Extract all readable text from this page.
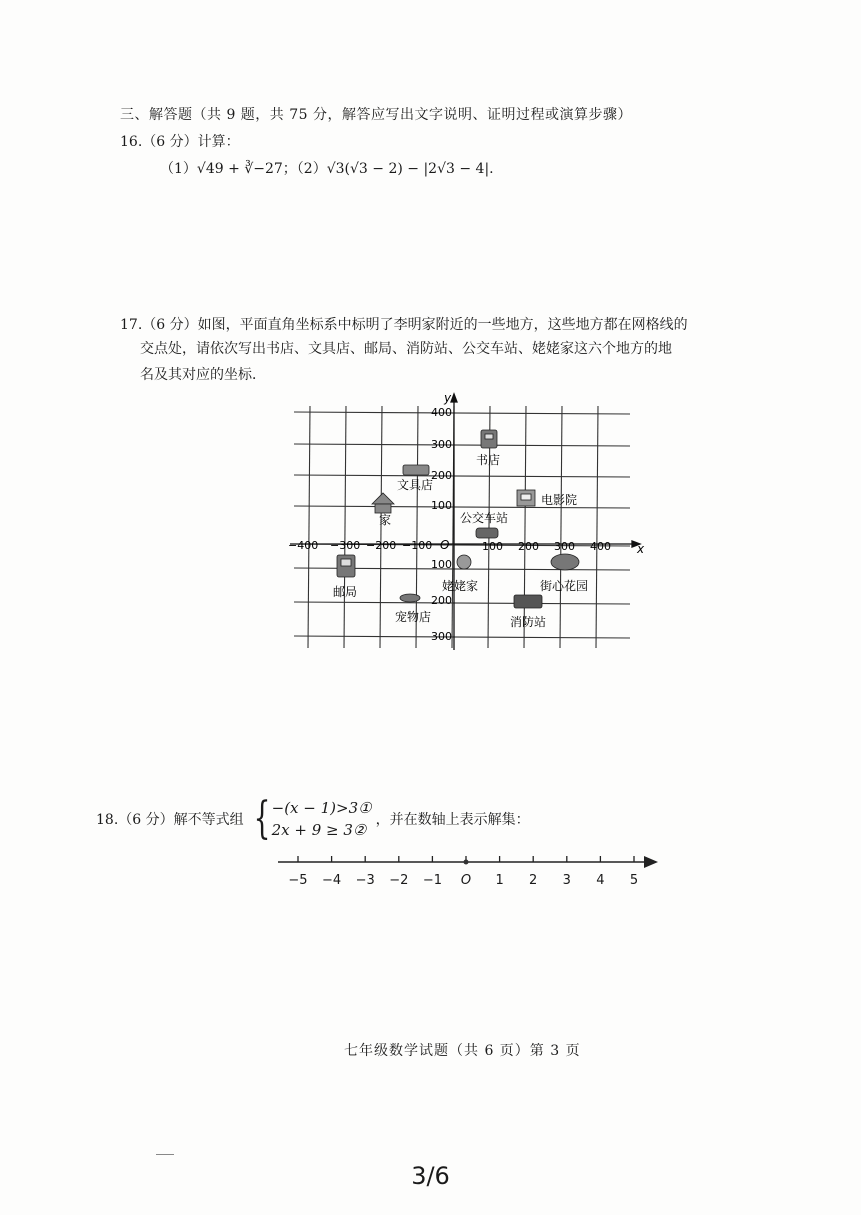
三、解答题（共 9 题，共 75 分，解答应写出文字说明、证明过程或演算步骤）
16.（6 分）计算：
（1）√49 + ∛−27；（2）√3(√3 − 2) − |2√3 − 4|.
17.（6 分）如图，平面直角坐标系中标明了李明家附近的一些地方，这些地方都在网格线的
交点处，请依次写出书店、文具店、邮局、消防站、公交车站、姥姥家这六个地方的地
名及其对应的坐标．
x
y
O
−400 −300 −200 −100	100 200 300 400
400
300
200
100
100
200
300
书店
文具店
电影院
家	公交车站
邮局	姥姥家	街心花园
宠物店	消防站
18.（6 分）解不等式组 { −(x − 1)>3①
2x + 9 ≥ 3②
，并在数轴上表示解集：
−5 −4 −3 −2 −1 O 1 2 3 4 5
七年级数学试题（共 6 页）第 3 页
3/6
